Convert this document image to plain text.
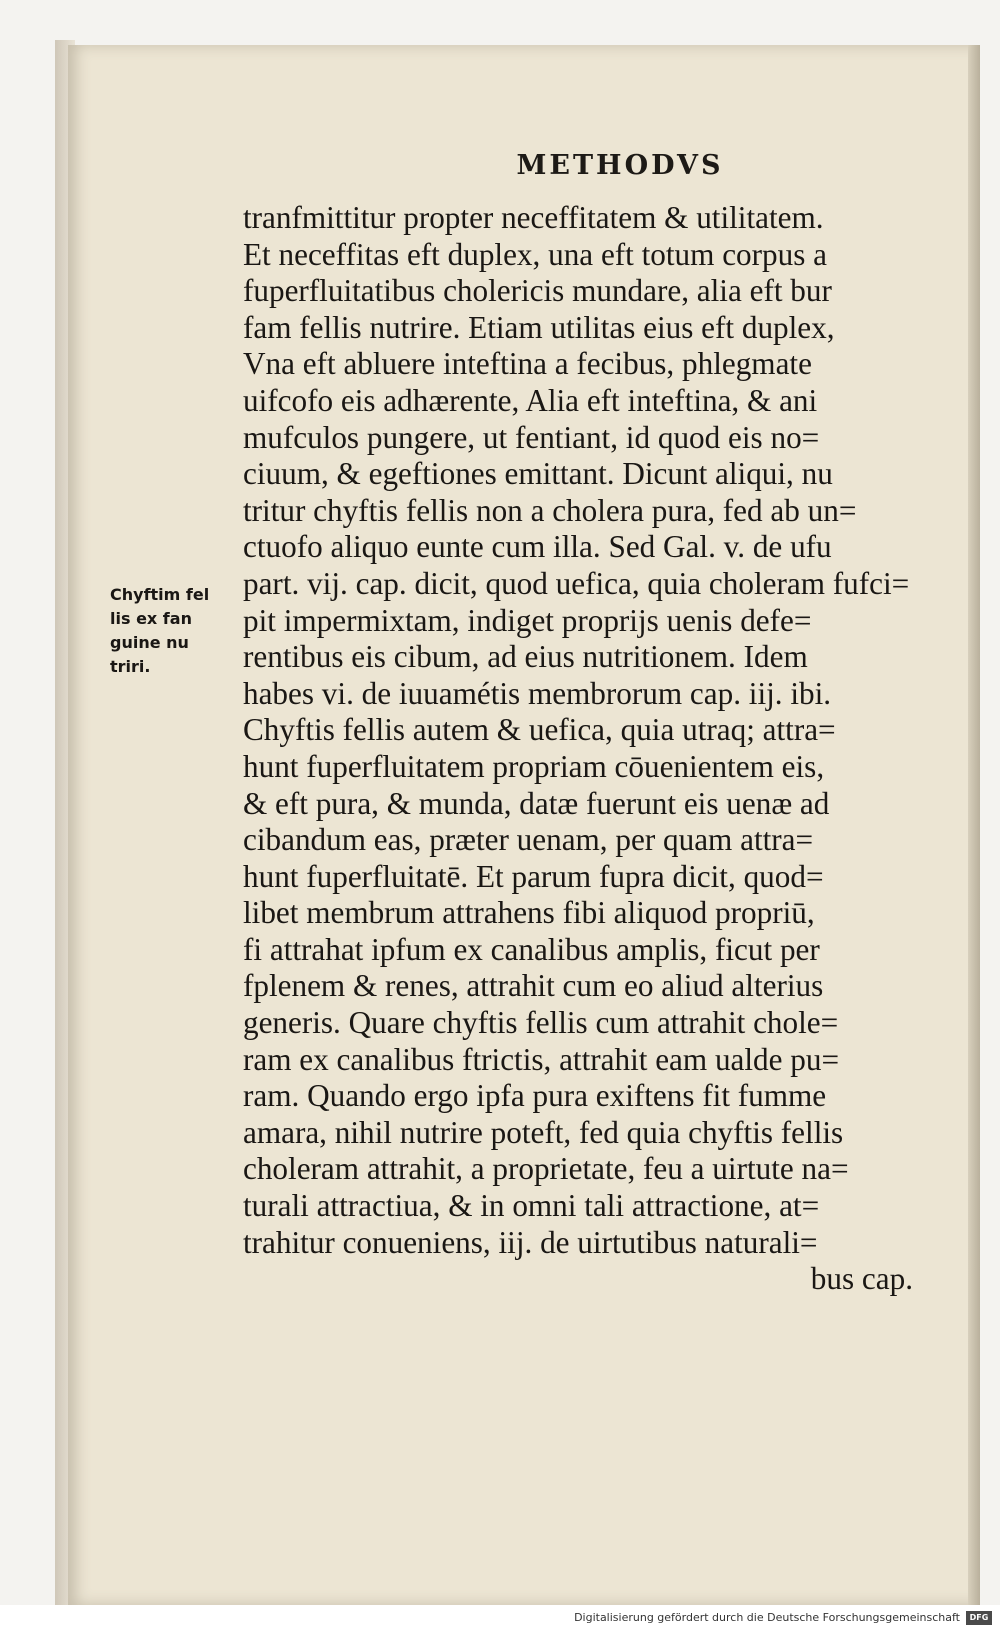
METHODVS
Chyftim fel
lis ex fan
guine nu
triri.
tranfmittitur propter neceffitatem & utilitatem.
Et neceffitas eft duplex, una eft totum corpus a
fuperfluitatibus cholericis mundare, alia eft bur
fam fellis nutrire. Etiam utilitas eius eft duplex,
Vna eft abluere inteftina a fecibus, phlegmate
uifcofo eis adhærente, Alia eft inteftina, & ani
mufculos pungere, ut fentiant, id quod eis no=
ciuum, & egeftiones emittant. Dicunt aliqui, nu
tritur chyftis fellis non a cholera pura, fed ab un=
ctuofo aliquo eunte cum illa. Sed Gal. v. de ufu
part. vij. cap. dicit, quod uefica, quia choleram fufci=
pit impermixtam, indiget proprijs uenis defe=
rentibus eis cibum, ad eius nutritionem. Idem
habes vi. de iuuamétis membrorum cap. iij. ibi.
Chyftis fellis autem & uefica, quia utraq; attra=
hunt fuperfluitatem propriam cōuenientem eis,
& eft pura, & munda, datæ fuerunt eis uenæ ad
cibandum eas, præter uenam, per quam attra=
hunt fuperfluitatē. Et parum fupra dicit, quod=
libet membrum attrahens fibi aliquod propriū,
fi attrahat ipfum ex canalibus amplis, ficut per
fplenem & renes, attrahit cum eo aliud alterius
generis. Quare chyftis fellis cum attrahit chole=
ram ex canalibus ftrictis, attrahit eam ualde pu=
ram. Quando ergo ipfa pura exiftens fit fumme
amara, nihil nutrire poteft, fed quia chyftis fellis
choleram attrahit, a proprietate, feu a uirtute na=
turali attractiua, & in omni tali attractione, at=
trahitur conueniens, iij. de uirtutibus naturali=
bus cap.
Digitalisierung gefördert durch die Deutsche Forschungsgemeinschaft	DFG
